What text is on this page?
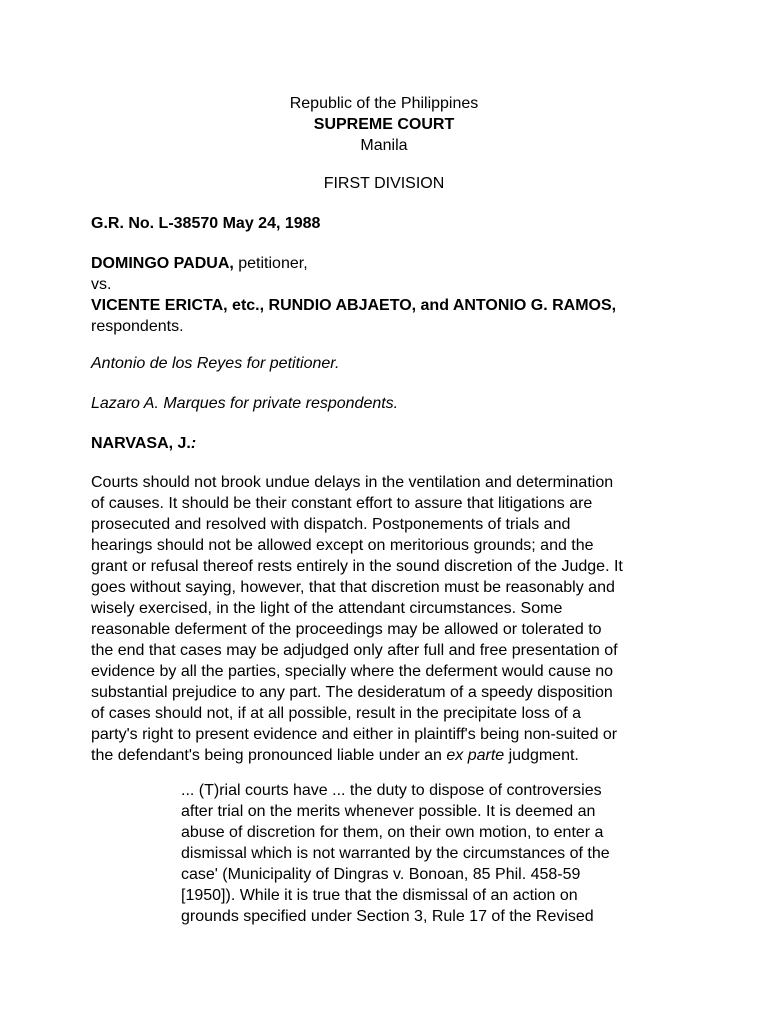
Republic of the Philippines
SUPREME COURT
Manila
FIRST DIVISION
G.R. No. L-38570 May 24, 1988
DOMINGO PADUA, petitioner,
vs.
VICENTE ERICTA, etc., RUNDIO ABJAETO, and ANTONIO G. RAMOS,
respondents.
Antonio de los Reyes for petitioner.
Lazaro A. Marques for private respondents.
NARVASA, J.:
Courts should not brook undue delays in the ventilation and determination
of causes. It should be their constant effort to assure that litigations are
prosecuted and resolved with dispatch. Postponements of trials and
hearings should not be allowed except on meritorious grounds; and the
grant or refusal thereof rests entirely in the sound discretion of the Judge. It
goes without saying, however, that that discretion must be reasonably and
wisely exercised, in the light of the attendant circumstances. Some
reasonable deferment of the proceedings may be allowed or tolerated to
the end that cases may be adjudged only after full and free presentation of
evidence by all the parties, specially where the deferment would cause no
substantial prejudice to any part. The desideratum of a speedy disposition
of cases should not, if at all possible, result in the precipitate loss of a
party's right to present evidence and either in plaintiff's being non-suited or
the defendant's being pronounced liable under an ex parte judgment.
... (T)rial courts have ... the duty to dispose of controversies
after trial on the merits whenever possible. It is deemed an
abuse of discretion for them, on their own motion, to enter a
dismissal which is not warranted by the circumstances of the
case' (Municipality of Dingras v. Bonoan, 85 Phil. 458-59
[1950]). While it is true that the dismissal of an action on
grounds specified under Section 3, Rule 17 of the Revised
